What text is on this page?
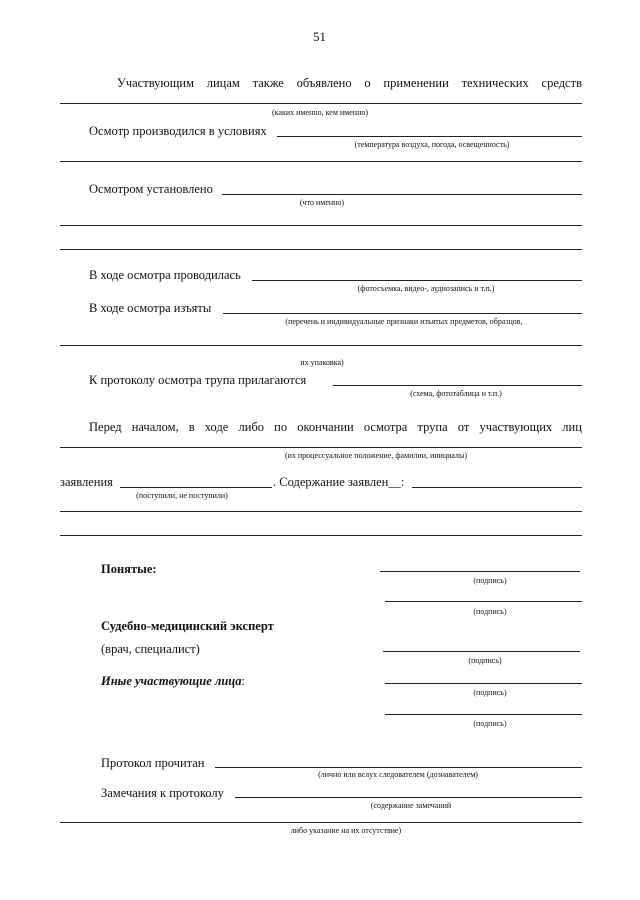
51
Участвующим лицам также объявлено о применении технических средств
(каких именно, кем именно)
Осмотр производился в условиях
(температура воздуха, погода, освещенность)
Осмотром установлено
(что именно)
В ходе осмотра проводилась
(фотосъемка, видео-, аудиозапись и т.п.)
В ходе осмотра изъяты
(перечень и индивидуальные признаки изъятых предметов, образцов,
их упаковка)
К протоколу осмотра трупа прилагаются
(схема, фототаблица и т.п.)
Перед началом, в ходе либо по окончании осмотра трупа от участвующих лиц
(их процессуальное положение, фамилии, инициалы)
заявления	. Содержание заявлен__:
(поступили, не поступили)
Понятые:
(подпись)
(подпись)
Судебно-медицинский эксперт
(врач, специалист)
(подпись)
Иные участвующие лица:
(подпись)
(подпись)
Протокол прочитан
(лично или вслух следователем (дознавателем)
Замечания к протоколу
(содержание замечаний
либо указание на их отсутствие)
